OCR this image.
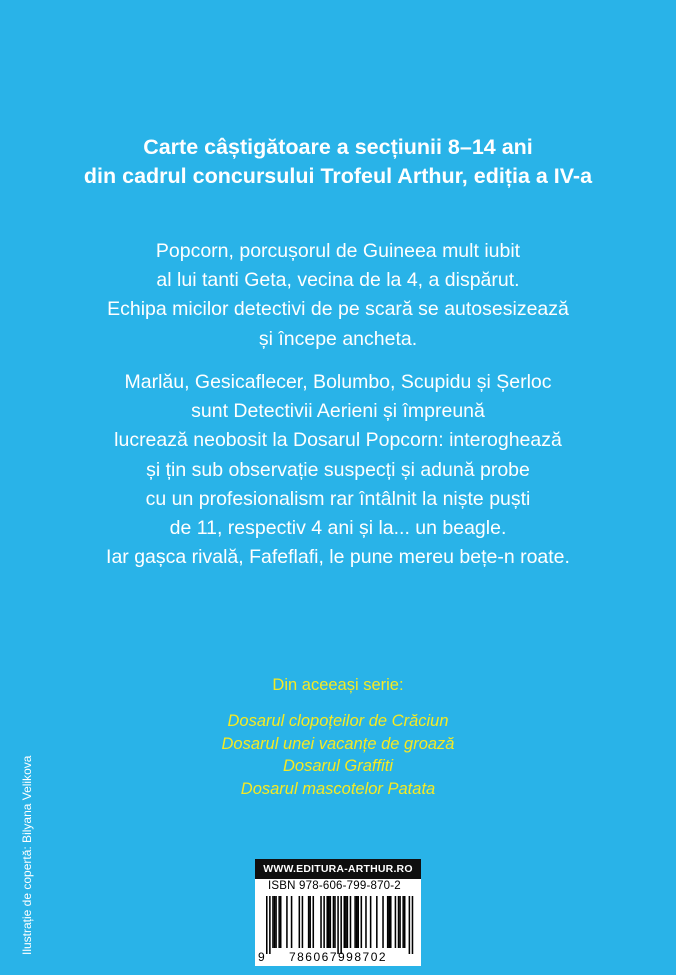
Carte câștigătoare a secțiunii 8–14 ani
din cadrul concursului Trofeul Arthur, ediția a IV-a
Popcorn, porcușorul de Guineea mult iubit
al lui tanti Geta, vecina de la 4, a dispărut.
Echipa micilor detectivi de pe scară se autosesizează
și începe ancheta.
Marlău, Gesicaflecer, Bolumbo, Scupidu și Șerloc
sunt Detectivii Aerieni și împreună
lucrează neobosit la Dosarul Popcorn: interoghează
și țin sub observație suspecți și adună probe
cu un profesionalism rar întâlnit la niște puști
de 11, respectiv 4 ani și la... un beagle.
Iar gașca rivală, Fafeflafi, le pune mereu bețe-n roate.
Din aceeași serie:
Dosarul clopoțeilor de Crăciun
Dosarul unei vacanțe de groază
Dosarul Graffiti
Dosarul mascotelor Patata
Ilustrație de copertă: Bilyana Velikova	WWW.EDITURA-ARTHUR.RO
ISBN 978-606-799-870-2
9 786067998702
